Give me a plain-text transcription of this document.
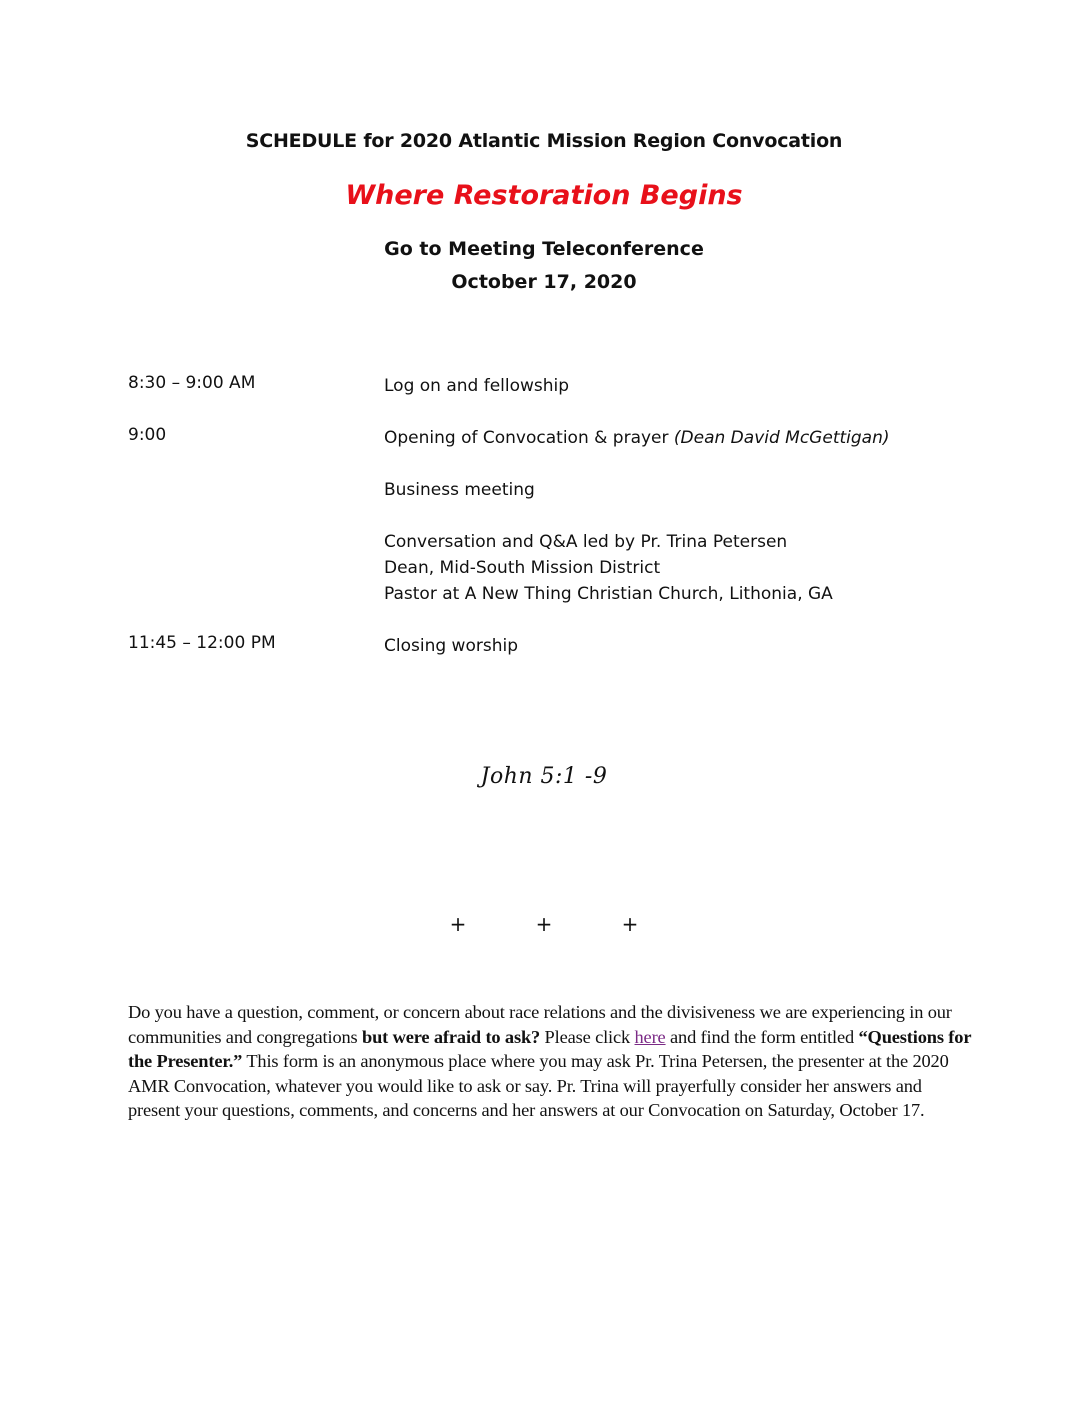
SCHEDULE for 2020 Atlantic Mission Region Convocation
Where Restoration Begins
Go to Meeting Teleconference
October 17, 2020
8:30 – 9:00 AM	Log on and fellowship
9:00	Opening of Convocation & prayer (Dean David McGettigan)
Business meeting
Conversation and Q&A led by Pr. Trina Petersen
Dean, Mid-South Mission District
Pastor at A New Thing Christian Church, Lithonia, GA
11:45 – 12:00 PM	Closing worship
John 5:1 -9
+	+	+
Do you have a question, comment, or concern about race relations and the divisiveness we are experiencing in our communities and congregations but were afraid to ask? Please click here and find the form entitled “Questions for the Presenter.” This form is an anonymous place where you may ask Pr. Trina Petersen, the presenter at the 2020 AMR Convocation, whatever you would like to ask or say. Pr. Trina will prayerfully consider her answers and present your questions, comments, and concerns and her answers at our Convocation on Saturday, October 17.
